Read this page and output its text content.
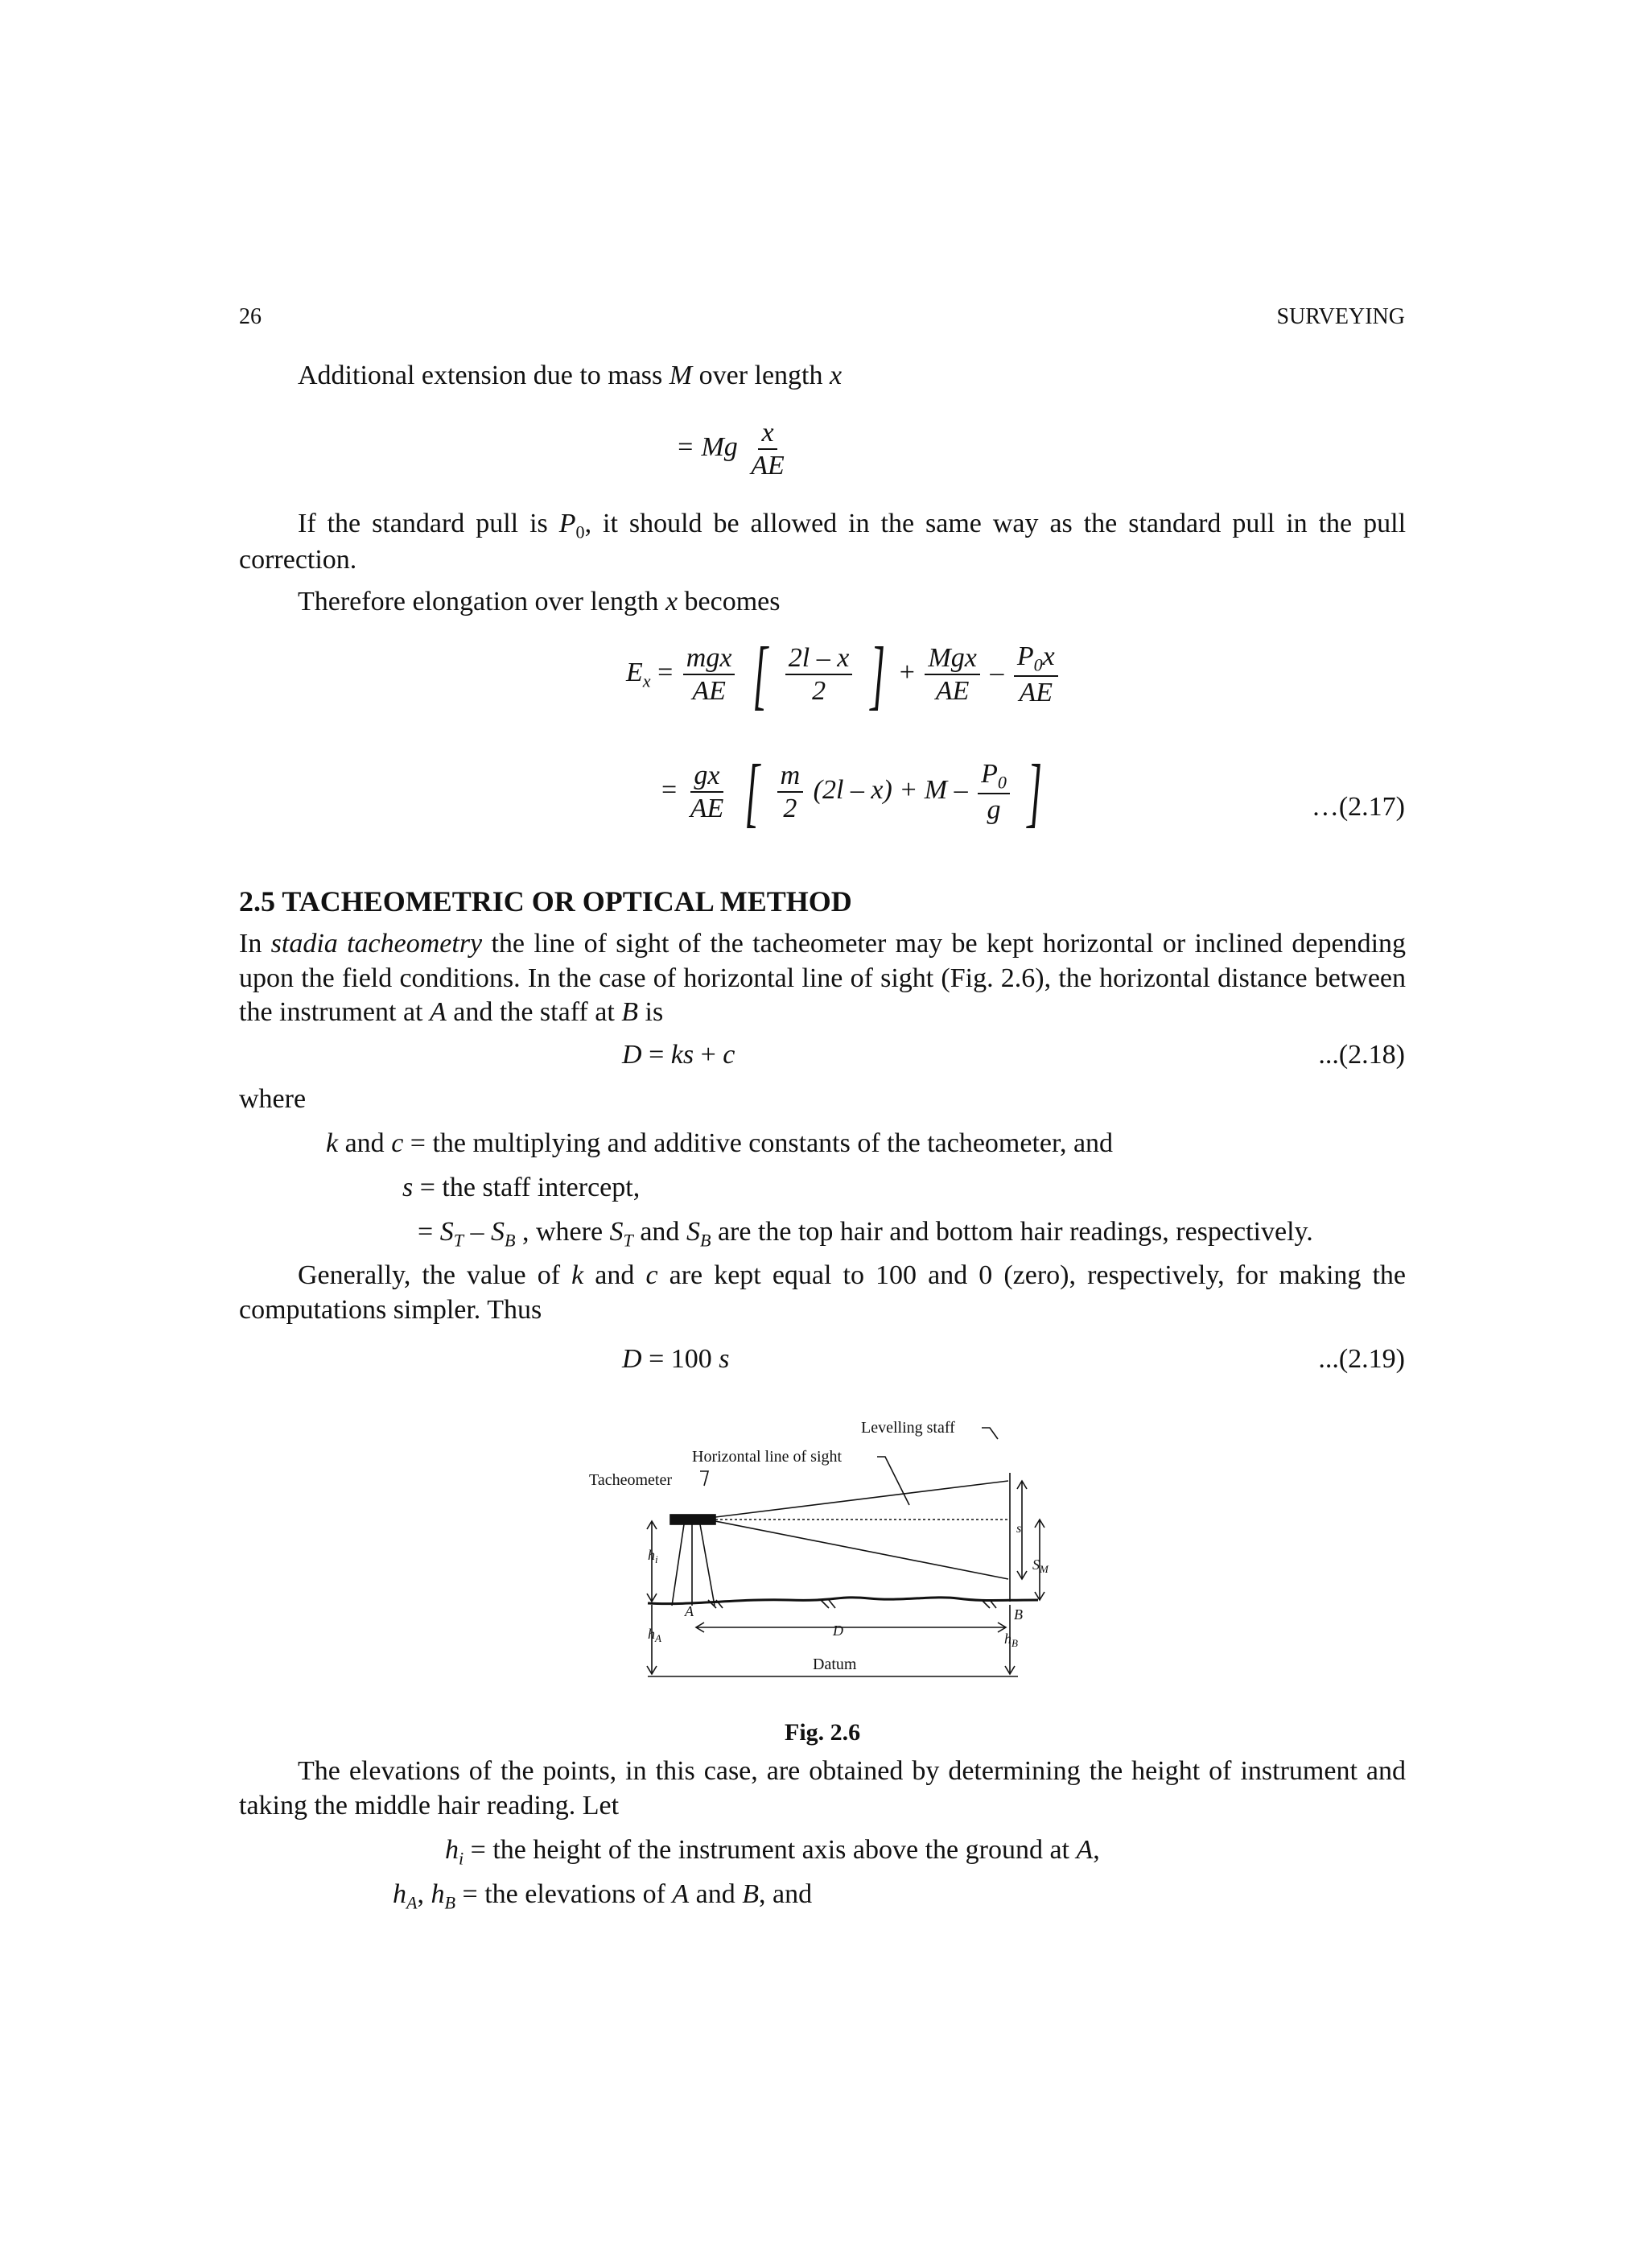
26	SURVEYING
Additional extension due to mass M over length x
= Mg $\frac{x}{AE}$
If the standard pull is $P_0$, it should be allowed in the same way as the standard pull in the pull correction.
Therefore elongation over length x becomes
$E_x = \frac{\text{mgx}}{AE}$ [ $\frac{2l - x}{2}$ ] + $\frac{\text{Mgx}}{AE} - \frac{P_0x}{AE}$
= $\frac{gx}{AE}$ [ $\frac{m}{2} (2l - x) + M - \frac{P_0}{g}$ ]	…(2.17)
2.5 TACHEOMETRIC OR OPTICAL METHOD
In stadia tacheometry the line of sight of the tacheometer may be kept horizontal or inclined depending upon the field conditions. In the case of horizontal line of sight (Fig. 2.6), the horizontal distance between the instrument at A and the staff at B is
D = ks + c	...(2.18)
where
k and c = the multiplying and additive constants of the tacheometer, and
s = the staff intercept,
= $S_T - S_B$ , where $S_T$ and $S_B$ are the top hair and bottom hair readings, respectively.
Generally, the value of k and c are kept equal to 100 and 0 (zero), respectively, for making the computations simpler. Thus
D = 100 s	...(2.19)
Levelling staff
Horizontal line of sight
Tacheometer
s
$S_M$
$h_i$
A	B
D
$h_A$	$h_B$
Datum
Fig. 2.6
The elevations of the points, in this case, are obtained by determining the height of instrument and taking the middle hair reading. Let
$h_i$ = the height of the instrument axis above the ground at A,
$h_A$, $h_B$ = the elevations of A and B, and
